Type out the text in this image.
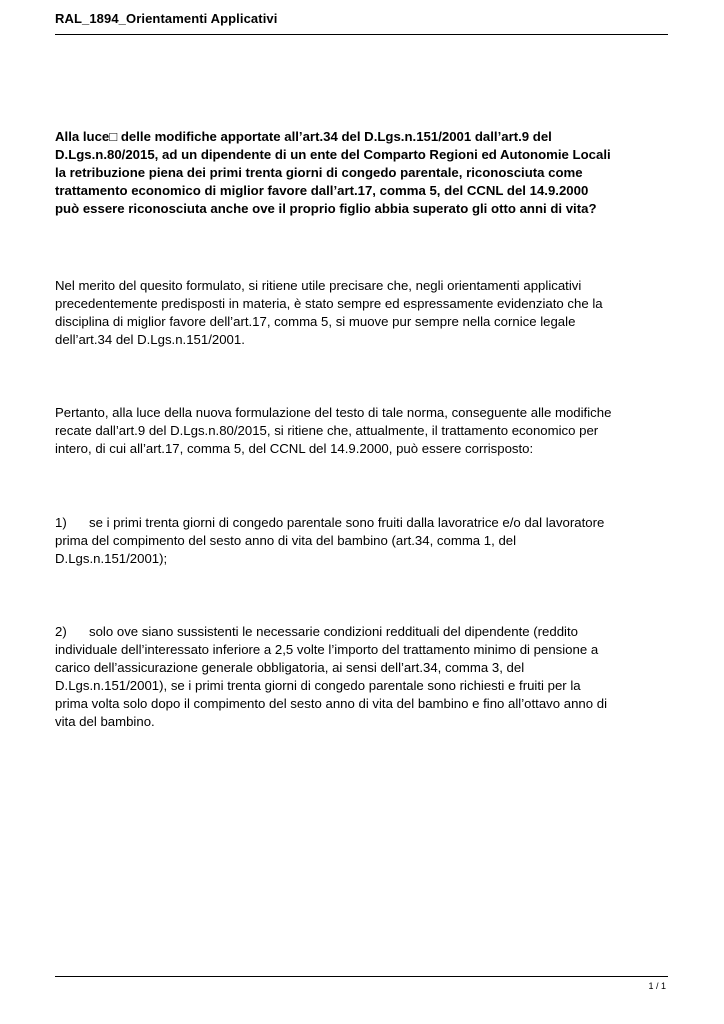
RAL_1894_Orientamenti Applicativi
Alla luce□ delle modifiche apportate all’art.34 del D.Lgs.n.151/2001 dall’art.9 del
D.Lgs.n.80/2015, ad un dipendente di un ente del Comparto Regioni ed Autonomie Locali
la retribuzione piena dei primi trenta giorni di congedo parentale, riconosciuta come
trattamento economico di miglior favore dall’art.17, comma 5, del CCNL del 14.9.2000
può essere riconosciuta anche ove il proprio figlio abbia superato gli otto anni di vita?
Nel merito del quesito formulato, si ritiene utile precisare che, negli orientamenti applicativi
precedentemente predisposti in materia, è stato sempre ed espressamente evidenziato che la
disciplina di miglior favore dell’art.17, comma 5, si muove pur sempre nella cornice legale
dell’art.34 del D.Lgs.n.151/2001.
Pertanto, alla luce della nuova formulazione del testo di tale norma, conseguente alle modifiche
recate dall’art.9 del D.Lgs.n.80/2015, si ritiene che, attualmente, il trattamento economico per
intero, di cui all’art.17, comma 5, del CCNL del 14.9.2000, può essere corrisposto:
1) se i primi trenta giorni di congedo parentale sono fruiti dalla lavoratrice e/o dal lavoratore
prima del compimento del sesto anno di vita del bambino (art.34, comma 1, del
D.Lgs.n.151/2001);
2) solo ove siano sussistenti le necessarie condizioni reddituali del dipendente (reddito
individuale dell’interessato inferiore a 2,5 volte l’importo del trattamento minimo di pensione a
carico dell’assicurazione generale obbligatoria, ai sensi dell’art.34, comma 3, del
D.Lgs.n.151/2001), se i primi trenta giorni di congedo parentale sono richiesti e fruiti per la
prima volta solo dopo il compimento del sesto anno di vita del bambino e fino all’ottavo anno di
vita del bambino.
1 / 1
